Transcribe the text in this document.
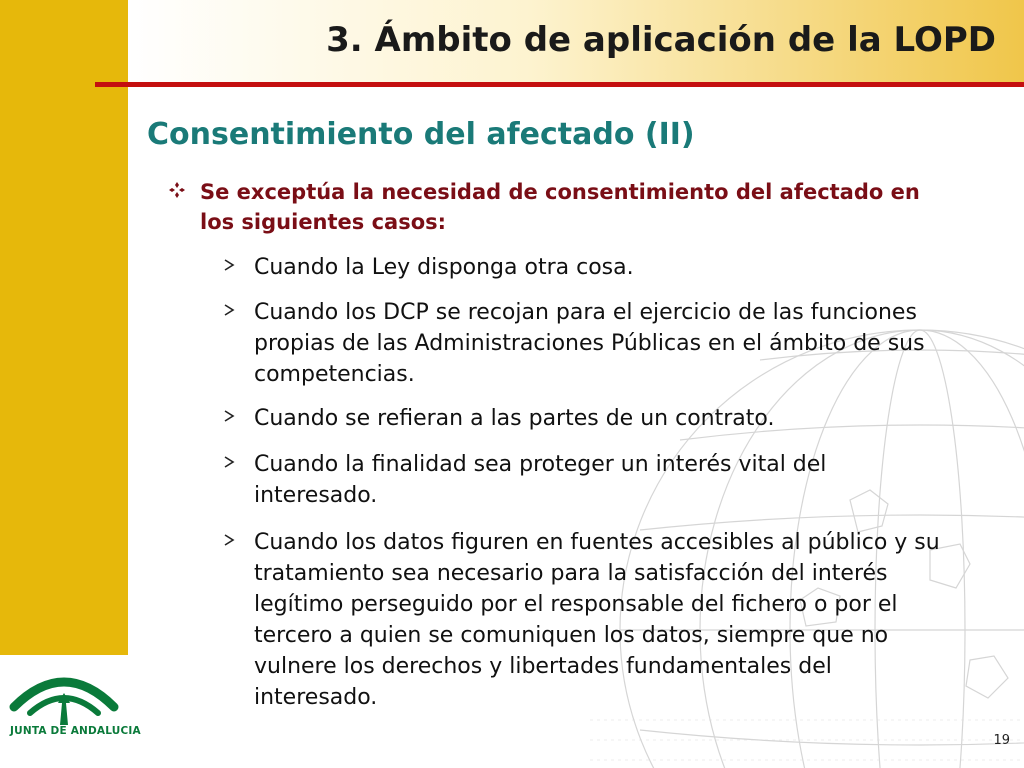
3. Ámbito de aplicación de la LOPD
Consentimiento del afectado (II)
Se exceptúa la necesidad de consentimiento del afectado en los siguientes casos:
Cuando la Ley disponga otra cosa.
Cuando los DCP se recojan para el ejercicio de las funciones propias de las Administraciones Públicas en el ámbito de sus competencias.
Cuando se refieran a las partes de un contrato.
Cuando la finalidad sea proteger un interés vital del interesado.
Cuando los datos figuren en fuentes accesibles al público y su tratamiento sea necesario para la satisfacción del interés legítimo perseguido por el responsable del fichero o por el tercero a quien se comuniquen los datos, siempre que no vulnere los derechos y libertades fundamentales del interesado.
JUNTA DE ANDALUCIA
19
